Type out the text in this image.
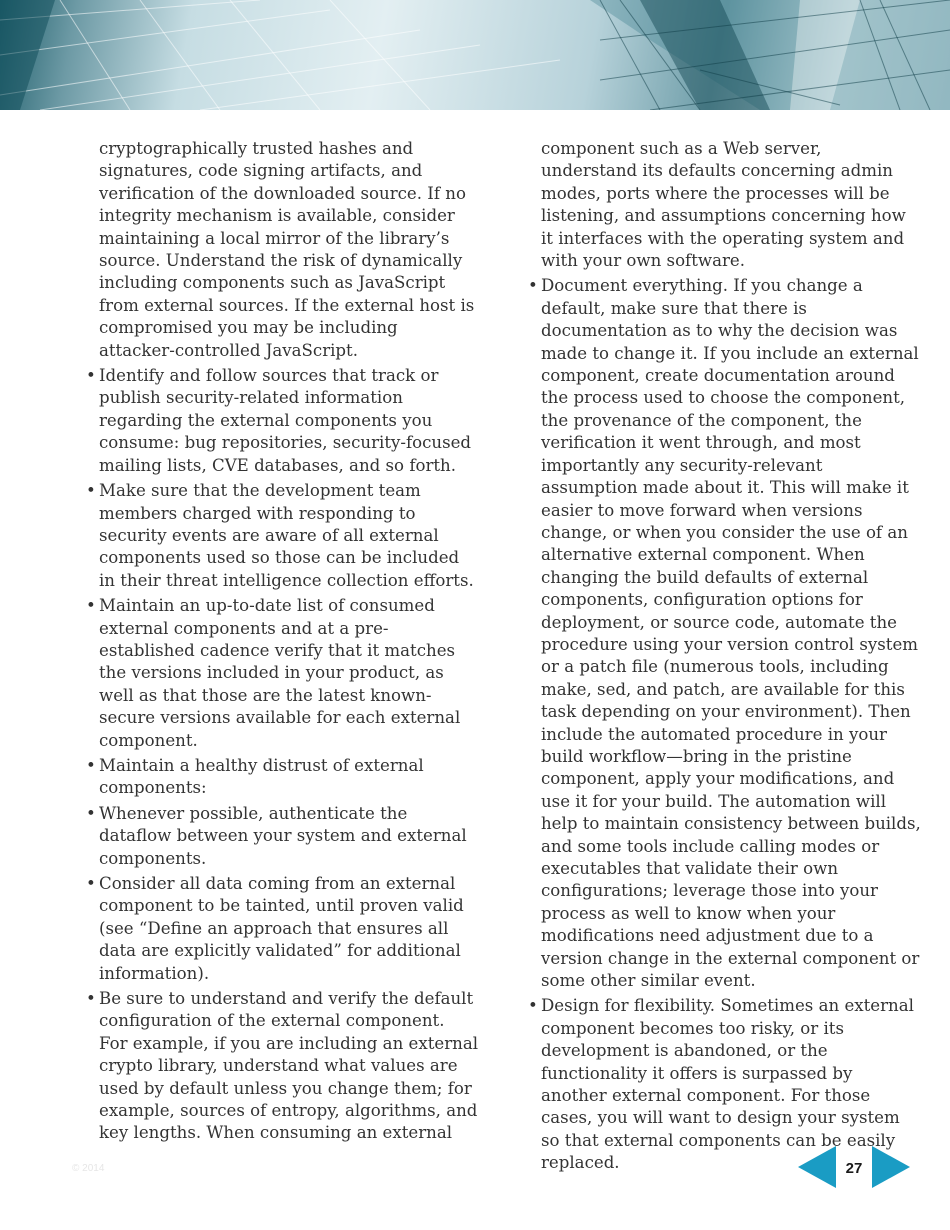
cryptographically trusted hashes and signatures, code signing artifacts, and verification of the downloaded source. If no integrity mechanism is available, consider maintaining a local mirror of the library’s source. Understand the risk of dynamically including components such as JavaScript from external sources. If the external host is compromised you may be including attacker-controlled JavaScript.

• Identify and follow sources that track or publish security-related information regarding the external components you consume: bug repositories, security-focused mailing lists, CVE databases, and so forth.
• Make sure that the development team members charged with responding to security events are aware of all external components used so those can be included in their threat intelligence collection efforts.
• Maintain an up-to-date list of consumed external components and at a pre-established cadence verify that it matches the versions included in your product, as well as that those are the latest known-secure versions available for each external component.
• Maintain a healthy distrust of external components:
• Whenever possible, authenticate the dataflow between your system and external components.
• Consider all data coming from an external component to be tainted, until proven valid (see “Define an approach that ensures all data are explicitly validated” for additional information).
• Be sure to understand and verify the default configuration of the external component. For example, if you are including an external crypto library, understand what values are used by default unless you change them; for example, sources of entropy, algorithms, and key lengths. When consuming an external

component such as a Web server, understand its defaults concerning admin modes, ports where the processes will be listening, and assumptions concerning how it interfaces with the operating system and with your own software.

• Document everything. If you change a default, make sure that there is documentation as to why the decision was made to change it. If you include an external component, create documentation around the process used to choose the component, the provenance of the component, the verification it went through, and most importantly any security-relevant assumption made about it. This will make it easier to move forward when versions change, or when you consider the use of an alternative external component. When changing the build defaults of external components, configuration options for deployment, or source code, automate the procedure using your version control system or a patch file (numerous tools, including make, sed, and patch, are available for this task depending on your environment). Then include the automated procedure in your build workflow—bring in the pristine component, apply your modifications, and use it for your build. The automation will help to maintain consistency between builds, and some tools include calling modes or executables that validate their own configurations; leverage those into your process as well to know when your modifications need adjustment due to a version change in the external component or some other similar event.
• Design for flexibility. Sometimes an external component becomes too risky, or its development is abandoned, or the functionality it offers is surpassed by another external component. For those cases, you will want to design your system so that external components can be easily replaced.
© 2014	27
